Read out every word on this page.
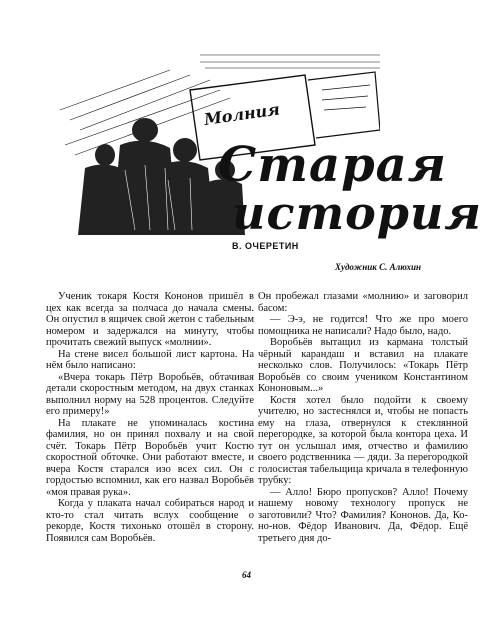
Молния
Старая
история
В. ОЧЕРЕТИН
Художник С. Алюхин

Ученик токаря Костя Кононов пришёл в цех как всегда за полчаса до начала смены. Он опустил в ящичек свой жетон с табельным номером и задержался на минуту, чтобы прочитать свежий выпуск «молнии».

На стене висел большой лист картона. На нём было написано:

«Вчера токарь Пётр Воробьёв, обтачивая детали скоростным методом, на двух станках выполнил норму на 528 процентов. Следуйте его примеру!»

На плакате не упоминалась костина фамилия, но он принял похвалу и на свой счёт. Токарь Пётр Воробьёв учит Костю скоростной обточке. Они работают вместе, и вчера Костя старался изо всех сил. Он с гордостью вспомнил, как его назвал Воробьёв «моя правая рука».

Когда у плаката начал собираться народ и кто-то стал читать вслух сообщение о рекорде, Костя тихонько отошёл в сторону. Появился сам Воробьёв.

Он пробежал глазами «молнию» и заговорил басом:

— Э-э, не годится! Что же про моего помощника не написали? Надо было, надо.

Воробьёв вытащил из кармана толстый чёрный карандаш и вставил на плакате несколько слов. Получилось: «Токарь Пётр Воробьёв со своим учеником Константином Кононовым...»

Костя хотел было подойти к своему учителю, но застеснялся и, чтобы не попасть ему на глаза, отвернулся к стеклянной перегородке, за которой была контора цеха. И тут он услышал имя, отчество и фамилию своего родственника — дяди. За перегородкой голосистая табельщица кричала в телефонную трубку:

— Алло! Бюро пропусков? Алло! Почему нашему новому технологу пропуск не заготовили? Что? Фамилия? Кононов. Да, Ко-но-нов. Фёдор Иванович. Да, Фёдор. Ещё третьего дня до-

64
